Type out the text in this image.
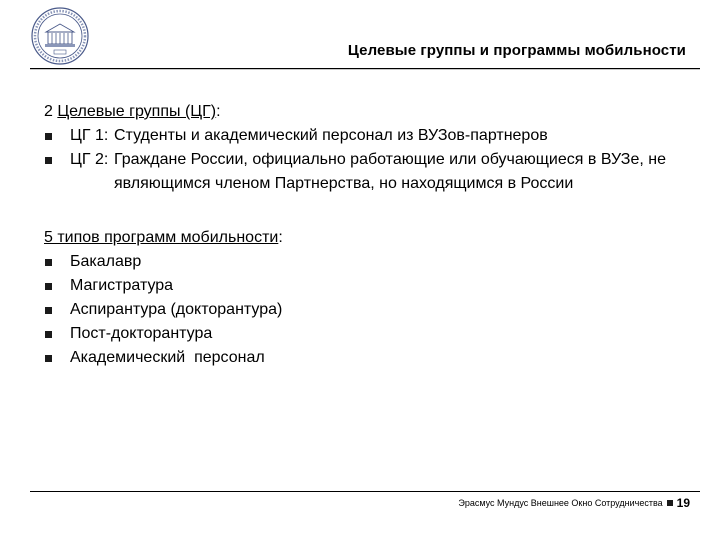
Целевые группы и программы мобильности

2 Целевые группы (ЦГ):

ЦГ 1: Студенты и академический персонал из ВУЗов-партнеров
ЦГ 2: Граждане России, официально работающие или обучающиеся в ВУЗе, не являющимся членом Партнерства, но находящимся в России

5 типов программ мобильности:

Бакалавр
Магистратура
Аспирантура (докторантура)
Пост-докторантура
Академический  персонал
Эрасмус Мундус Внешнее Окно Сотрудничества 19
